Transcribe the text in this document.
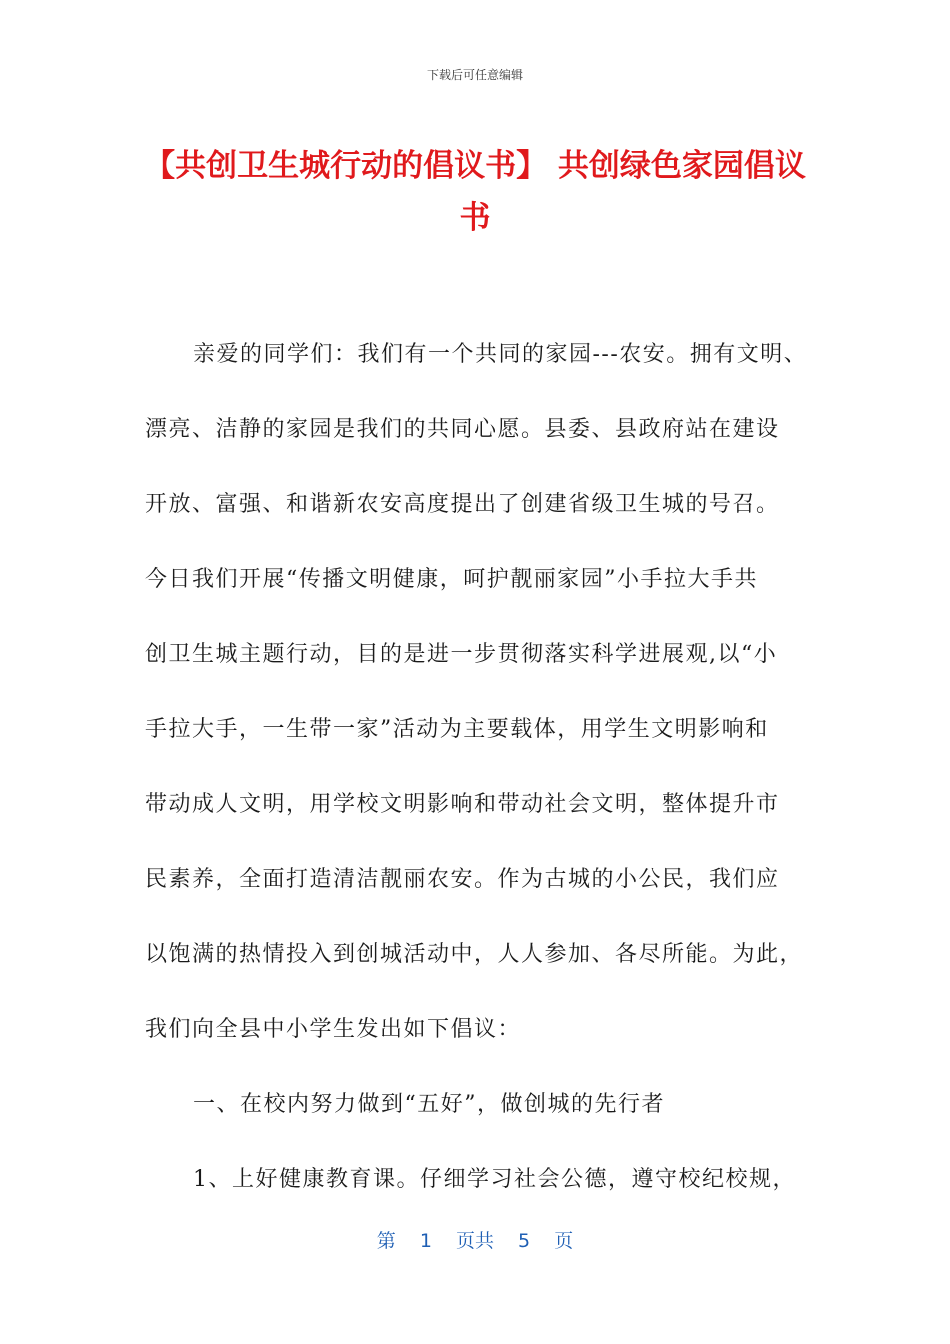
下载后可任意编辑
【共创卫生城行动的倡议书】 共创绿色家园倡议书
亲爱的同学们：我们有一个共同的家园---农安。拥有文明、
漂亮、洁静的家园是我们的共同心愿。县委、县政府站在建设
开放、富强、和谐新农安高度提出了创建省级卫生城的号召。
今日我们开展“传播文明健康，呵护靓丽家园”小手拉大手共
创卫生城主题行动，目的是进一步贯彻落实科学进展观,以“小
手拉大手，一生带一家”活动为主要载体，用学生文明影响和
带动成人文明，用学校文明影响和带动社会文明，整体提升市
民素养，全面打造清洁靓丽农安。作为古城的小公民，我们应
以饱满的热情投入到创城活动中，人人参加、各尽所能。为此，
我们向全县中小学生发出如下倡议：
一、在校内努力做到“五好”，做创城的先行者
1、上好健康教育课。仔细学习社会公德，遵守校纪校规，
第 1 页共 5 页
